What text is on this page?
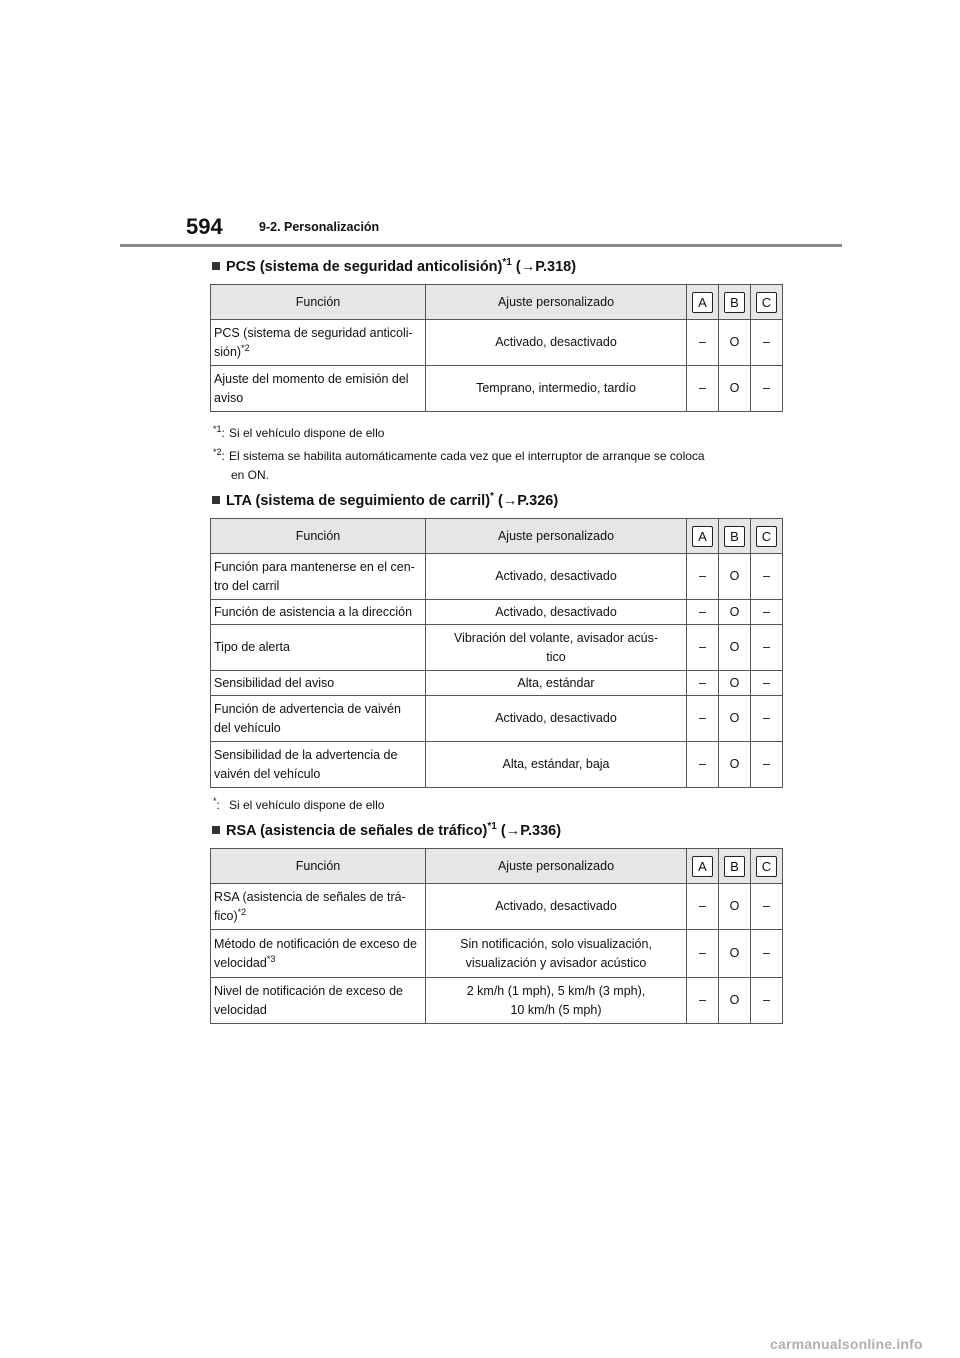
594	9-2. Personalización
PCS (sistema de seguridad anticolisión)$^{*1}$ (→P.318)
Función	Ajuste personalizado	A	B	C
PCS (sistema de seguridad anticoli-
sión)$^{*2}$	Activado, desactivado	–	O	–
Ajuste del momento de emisión del
aviso	Temprano, intermedio, tardío	–	O	–
$^{*1}$: Si el vehículo dispone de ello
$^{*2}$: El sistema se habilita automáticamente cada vez que el interruptor de arranque se coloca
en ON.
LTA (sistema de seguimiento de carril)* (→P.326)
Función	Ajuste personalizado	A	B	C
Función para mantenerse en el cen-
tro del carril	Activado, desactivado	–	O	–
Función de asistencia a la dirección	Activado, desactivado	–	O	–
Tipo de alerta	Vibración del volante, avisador acús-
tico	–	O	–
Sensibilidad del aviso	Alta, estándar	–	O	–
Función de advertencia de vaivén
del vehículo	Activado, desactivado	–	O	–
Sensibilidad de la advertencia de
vaivén del vehículo	Alta, estándar, baja	–	O	–
*: Si el vehículo dispone de ello
RSA (asistencia de señales de tráfico)$^{*1}$ (→P.336)
Función	Ajuste personalizado	A	B	C
RSA (asistencia de señales de trá-
fico)$^{*2}$	Activado, desactivado	–	O	–
Método de notificación de exceso de
velocidad$^{*3}$	Sin notificación, solo visualización,
visualización y avisador acústico	–	O	–
Nivel de notificación de exceso de
velocidad	2 km/h (1 mph), 5 km/h (3 mph),
10 km/h (5 mph)	–	O	–
carmanualsonline.info
